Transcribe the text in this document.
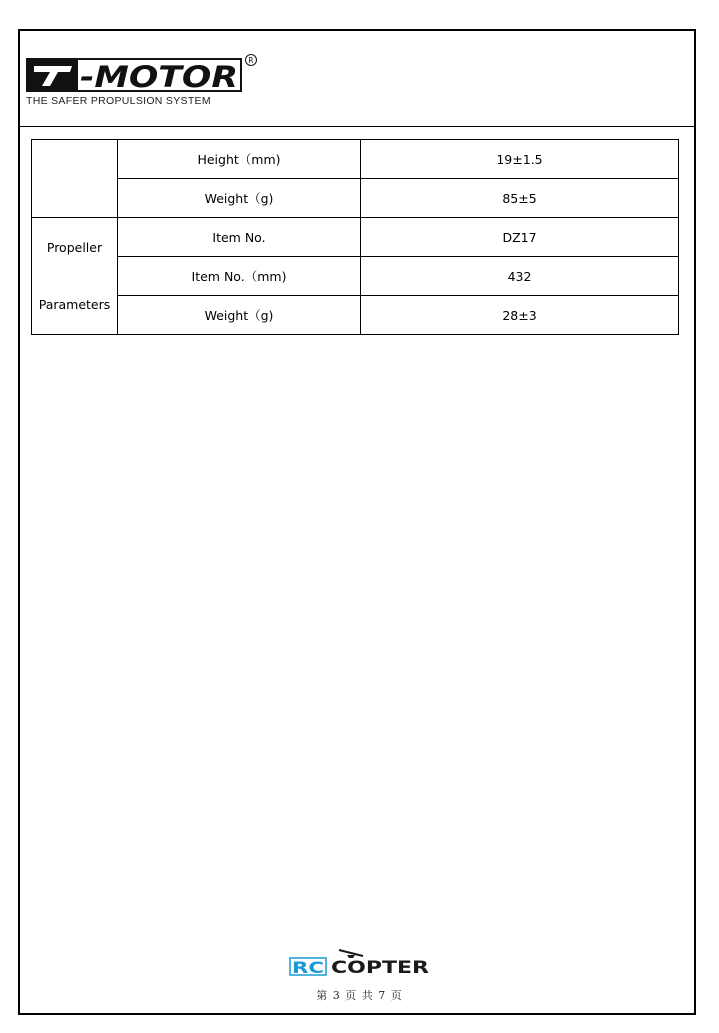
-MOTOR R
THE SAFER PROPULSION SYSTEM
	Height（mm)	19±1.5
	Weight（g)	85±5

Propeller
Parameters	Item No.	DZ17
	Item No.（mm)	432
	Weight（g)	28±3
RC COPTER
第 3 页 共 7 页
